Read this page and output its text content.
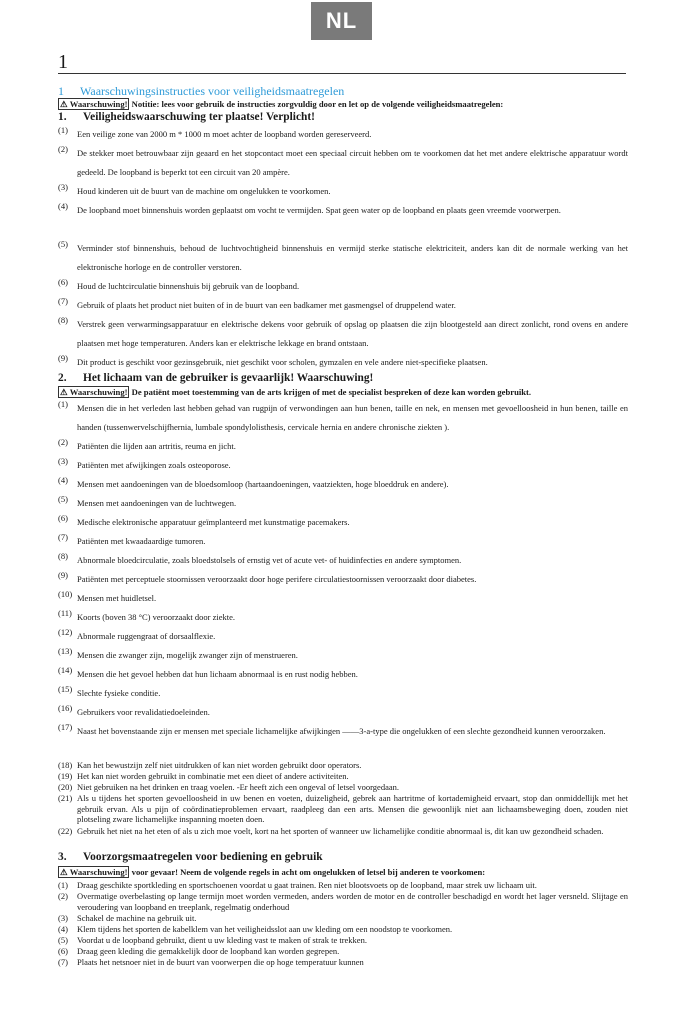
NL
1
1 Waarschuwingsinstructies voor veiligheidsmaatregelen
⚠ Waarschuwing! Notitie: lees voor gebruik de instructies zorgvuldig door en let op de volgende veiligheidsmaatregelen:
1. Veiligheidswaarschuwing ter plaatse! Verplicht!
(1) Een veilige zone van 2000 m * 1000 m moet achter de loopband worden gereserveerd.
(2) De stekker moet betrouwbaar zijn geaard en het stopcontact moet een speciaal circuit hebben om te voorkomen dat het met andere elektrische apparatuur wordt gedeeld. De loopband is beperkt tot een circuit van 20 ampère.
(3) Houd kinderen uit de buurt van de machine om ongelukken te voorkomen.
(4) De loopband moet binnenshuis worden geplaatst om vocht te vermijden. Spat geen water op de loopband en plaats geen vreemde voorwerpen.
(5) Verminder stof binnenshuis, behoud de luchtvochtigheid binnenshuis en vermijd sterke statische elektriciteit, anders kan dit de normale werking van het elektronische horloge en de controller verstoren.
(6) Houd de luchtcirculatie binnenshuis bij gebruik van de loopband.
(7) Gebruik of plaats het product niet buiten of in de buurt van een badkamer met gasmengsel of druppelend water.
(8) Verstrek geen verwarmingsapparatuur en elektrische dekens voor gebruik of opslag op plaatsen die zijn blootgesteld aan direct zonlicht, rond ovens en andere plaatsen met hoge temperaturen. Anders kan er elektrische lekkage en brand ontstaan.
(9) Dit product is geschikt voor gezinsgebruik, niet geschikt voor scholen, gymzalen en vele andere niet-specifieke plaatsen.
2. Het lichaam van de gebruiker is gevaarlijk! Waarschuwing!
⚠ Waarschuwing! De patiënt moet toestemming van de arts krijgen of met de specialist bespreken of deze kan worden gebruikt.
(1) Mensen die in het verleden last hebben gehad van rugpijn of verwondingen aan hun benen, taille en nek, en mensen met gevoelloosheid in hun benen, taille en handen (tussenwervelschijfhernia, lumbale spondylolisthesis, cervicale hernia en andere chronische ziekten ).
(2) Patiënten die lijden aan artritis, reuma en jicht.
(3) Patiënten met afwijkingen zoals osteoporose.
(4) Mensen met aandoeningen van de bloedsomloop (hartaandoeningen, vaatziekten, hoge bloeddruk en andere).
(5) Mensen met aandoeningen van de luchtwegen.
(6) Medische elektronische apparatuur geïmplanteerd met kunstmatige pacemakers.
(7) Patiënten met kwaadaardige tumoren.
(8) Abnormale bloedcirculatie, zoals bloedstolsels of ernstig vet of acute vet- of huidinfecties en andere symptomen.
(9) Patiënten met perceptuele stoornissen veroorzaakt door hoge perifere circulatiestoornissen veroorzaakt door diabetes.
(10) Mensen met huidletsel.
(11) Koorts (boven 38 °C) veroorzaakt door ziekte.
(12) Abnormale ruggengraat of dorsaalflexie.
(13) Mensen die zwanger zijn, mogelijk zwanger zijn of menstrueren.
(14) Mensen die het gevoel hebben dat hun lichaam abnormaal is en rust nodig hebben.
(15) Slechte fysieke conditie.
(16) Gebruikers voor revalidatiedoeleinden.
(17) Naast het bovenstaande zijn er mensen met speciale lichamelijke afwijkingen ——3-a-type die ongelukken of een slechte gezondheid kunnen veroorzaken.
(18) Kan het bewustzijn zelf niet uitdrukken of kan niet worden gebruikt door operators.
(19) Het kan niet worden gebruikt in combinatie met een dieet of andere activiteiten.
(20) Niet gebruiken na het drinken en traag voelen. -Er heeft zich een ongeval of letsel voorgedaan.
(21) Als u tijdens het sporten gevoelloosheid in uw benen en voeten, duizeligheid, gebrek aan hartritme of kortademigheid ervaart, stop dan onmiddellijk met het gebruik ervan. Als u pijn of coördinatieproblemen ervaart, raadpleeg dan een arts. Mensen die gewoonlijk niet aan lichaamsbeweging doen, zouden niet plotseling zware lichamelijke inspanning moeten doen.
(22) Gebruik het niet na het eten of als u zich moe voelt, kort na het sporten of wanneer uw lichamelijke conditie abnormaal is, dit kan uw gezondheid schaden.
3. Voorzorgsmaatregelen voor bediening en gebruik
⚠ Waarschuwing! voor gevaar! Neem de volgende regels in acht om ongelukken of letsel bij anderen te voorkomen:
(1) Draag geschikte sportkleding en sportschoenen voordat u gaat trainen. Ren niet blootsvoets op de loopband, maar strek uw lichaam uit.
(2) Overmatige overbelasting op lange termijn moet worden vermeden, anders worden de motor en de controller beschadigd en wordt het lager versneld. Slijtage en veroudering van loopband en treeplank, regelmatig onderhoud
(3) Schakel de machine na gebruik uit.
(4) Klem tijdens het sporten de kabelklem van het veiligheidsslot aan uw kleding om een noodstop te voorkomen.
(5) Voordat u de loopband gebruikt, dient u uw kleding vast te maken of strak te trekken.
(6) Draag geen kleding die gemakkelijk door de loopband kan worden gegrepen.
(7) Plaats het netsnoer niet in de buurt van voorwerpen die op hoge temperatuur kunnen
